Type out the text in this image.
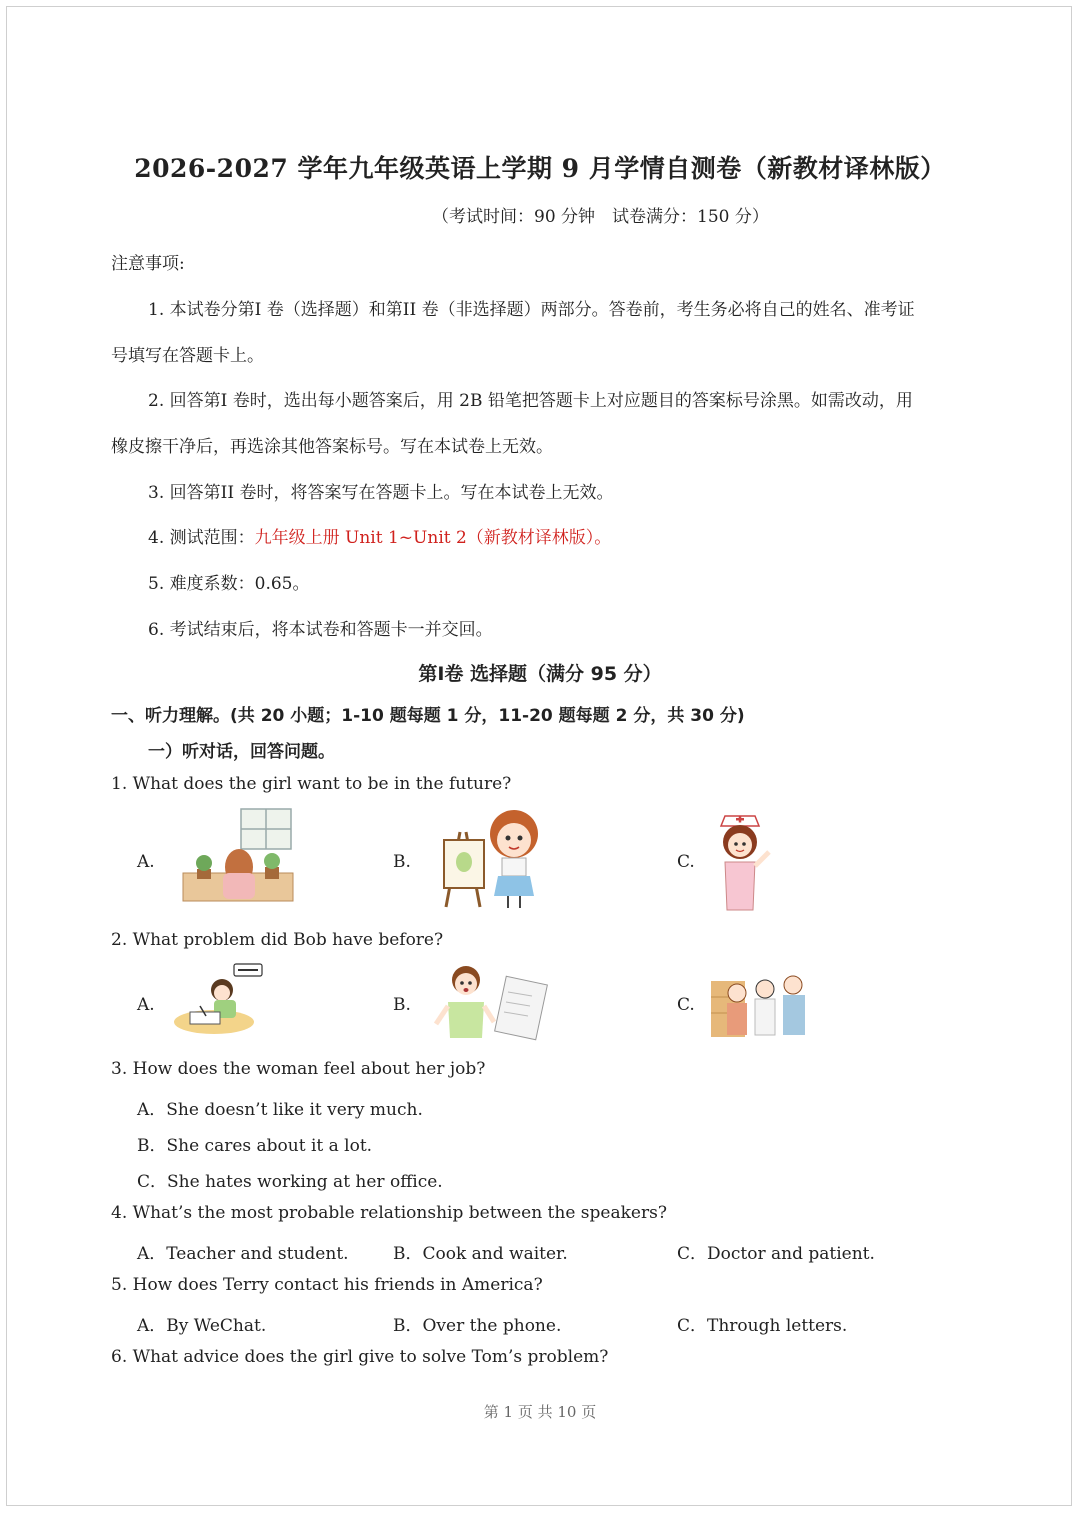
2026-2027 学年九年级英语上学期 9 月学情自测卷（新教材译林版）
（考试时间：90 分钟　试卷满分：150 分）
注意事项:
1. 本试卷分第I 卷（选择题）和第II 卷（非选择题）两部分。答卷前，考生务必将自己的姓名、准考证
号填写在答题卡上。
2. 回答第I 卷时，选出每小题答案后，用 2B 铅笔把答题卡上对应题目的答案标号涂黑。如需改动，用
橡皮擦干净后，再选涂其他答案标号。写在本试卷上无效。
3. 回答第II 卷时，将答案写在答题卡上。写在本试卷上无效。
4. 测试范围：九年级上册 Unit 1~Unit 2（新教材译林版）。
5. 难度系数：0.65。
6. 考试结束后，将本试卷和答题卡一并交回。
第I卷 选择题（满分 95 分）
一、听力理解。(共 20 小题；1-10 题每题 1 分，11-20 题每题 2 分，共 30 分)
一）听对话，回答问题。
1. What does the girl want to be in the future?
A.	B.	C.
2. What problem did Bob have before?
A.	B.	C.
3. How does the woman feel about her job?
A．She doesn’t like it very much.
B．She cares about it a lot.
C．She hates working at her office.
4. What’s the most probable relationship between the speakers?
A．Teacher and student.	B．Cook and waiter.	C．Doctor and patient.
5. How does Terry contact his friends in America?
A．By WeChat.	B．Over the phone.	C．Through letters.
6. What advice does the girl give to solve Tom’s problem?
第 1 页 共 10 页
